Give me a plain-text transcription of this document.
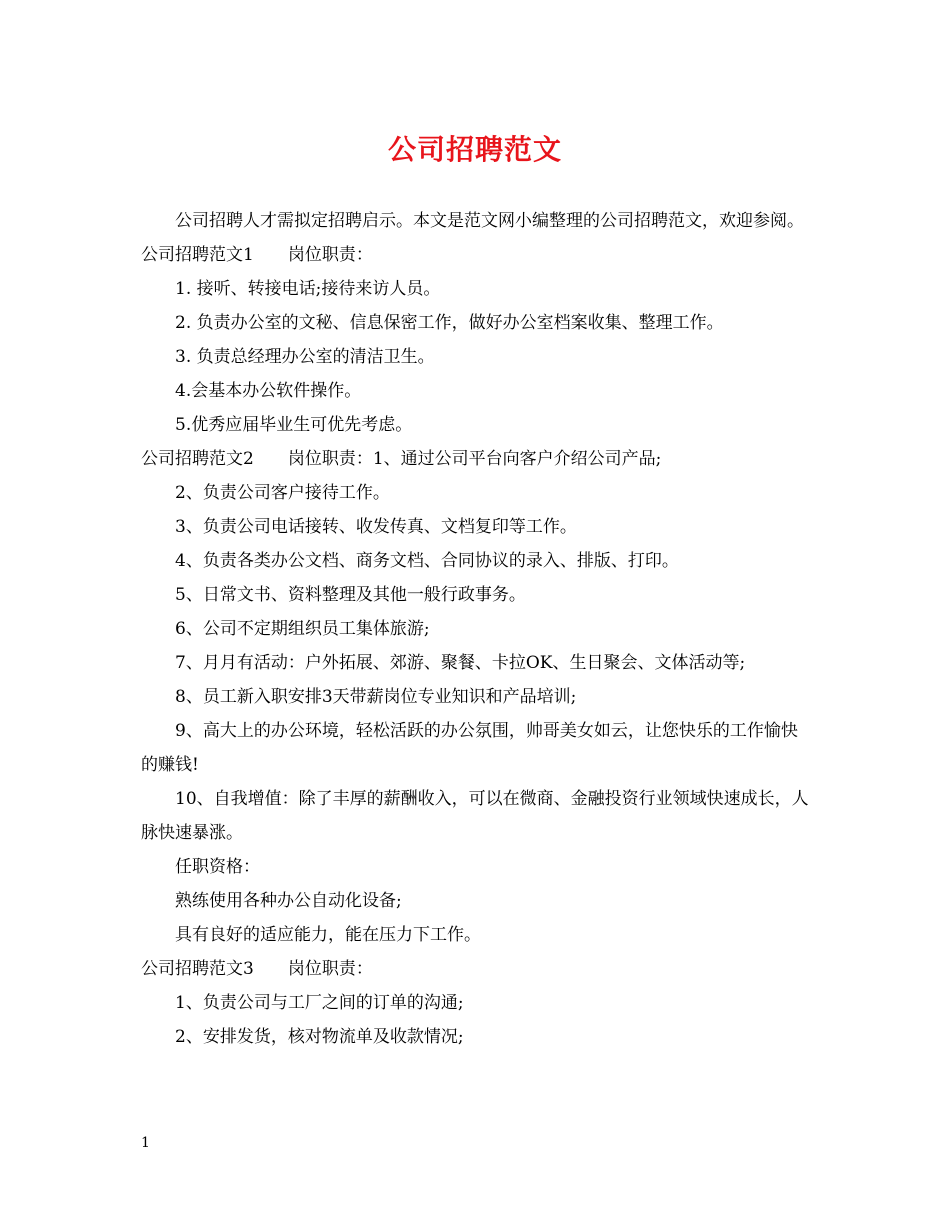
公司招聘范文

公司招聘人才需拟定招聘启示。本文是范文网小编整理的公司招聘范文，欢迎参阅。

公司招聘范文1　　岗位职责：

1. 接听、转接电话;接待来访人员。

2. 负责办公室的文秘、信息保密工作，做好办公室档案收集、整理工作。

3. 负责总经理办公室的清洁卫生。

4.会基本办公软件操作。

5.优秀应届毕业生可优先考虑。

公司招聘范文2　　岗位职责：1、通过公司平台向客户介绍公司产品;

2、负责公司客户接待工作。

3、负责公司电话接转、收发传真、文档复印等工作。

4、负责各类办公文档、商务文档、合同协议的录入、排版、打印。

5、日常文书、资料整理及其他一般行政事务。

6、公司不定期组织员工集体旅游;

7、月月有活动：户外拓展、郊游、聚餐、卡拉OK、生日聚会、文体活动等;

8、员工新入职安排3天带薪岗位专业知识和产品培训;

9、高大上的办公环境，轻松活跃的办公氛围，帅哥美女如云，让您快乐的工作愉快的赚钱!

10、自我增值：除了丰厚的薪酬收入，可以在微商、金融投资行业领域快速成长，人脉快速暴涨。

任职资格：

熟练使用各种办公自动化设备;

具有良好的适应能力，能在压力下工作。

公司招聘范文3　　岗位职责：

1、负责公司与工厂之间的订单的沟通;

2、安排发货，核对物流单及收款情况;

1
